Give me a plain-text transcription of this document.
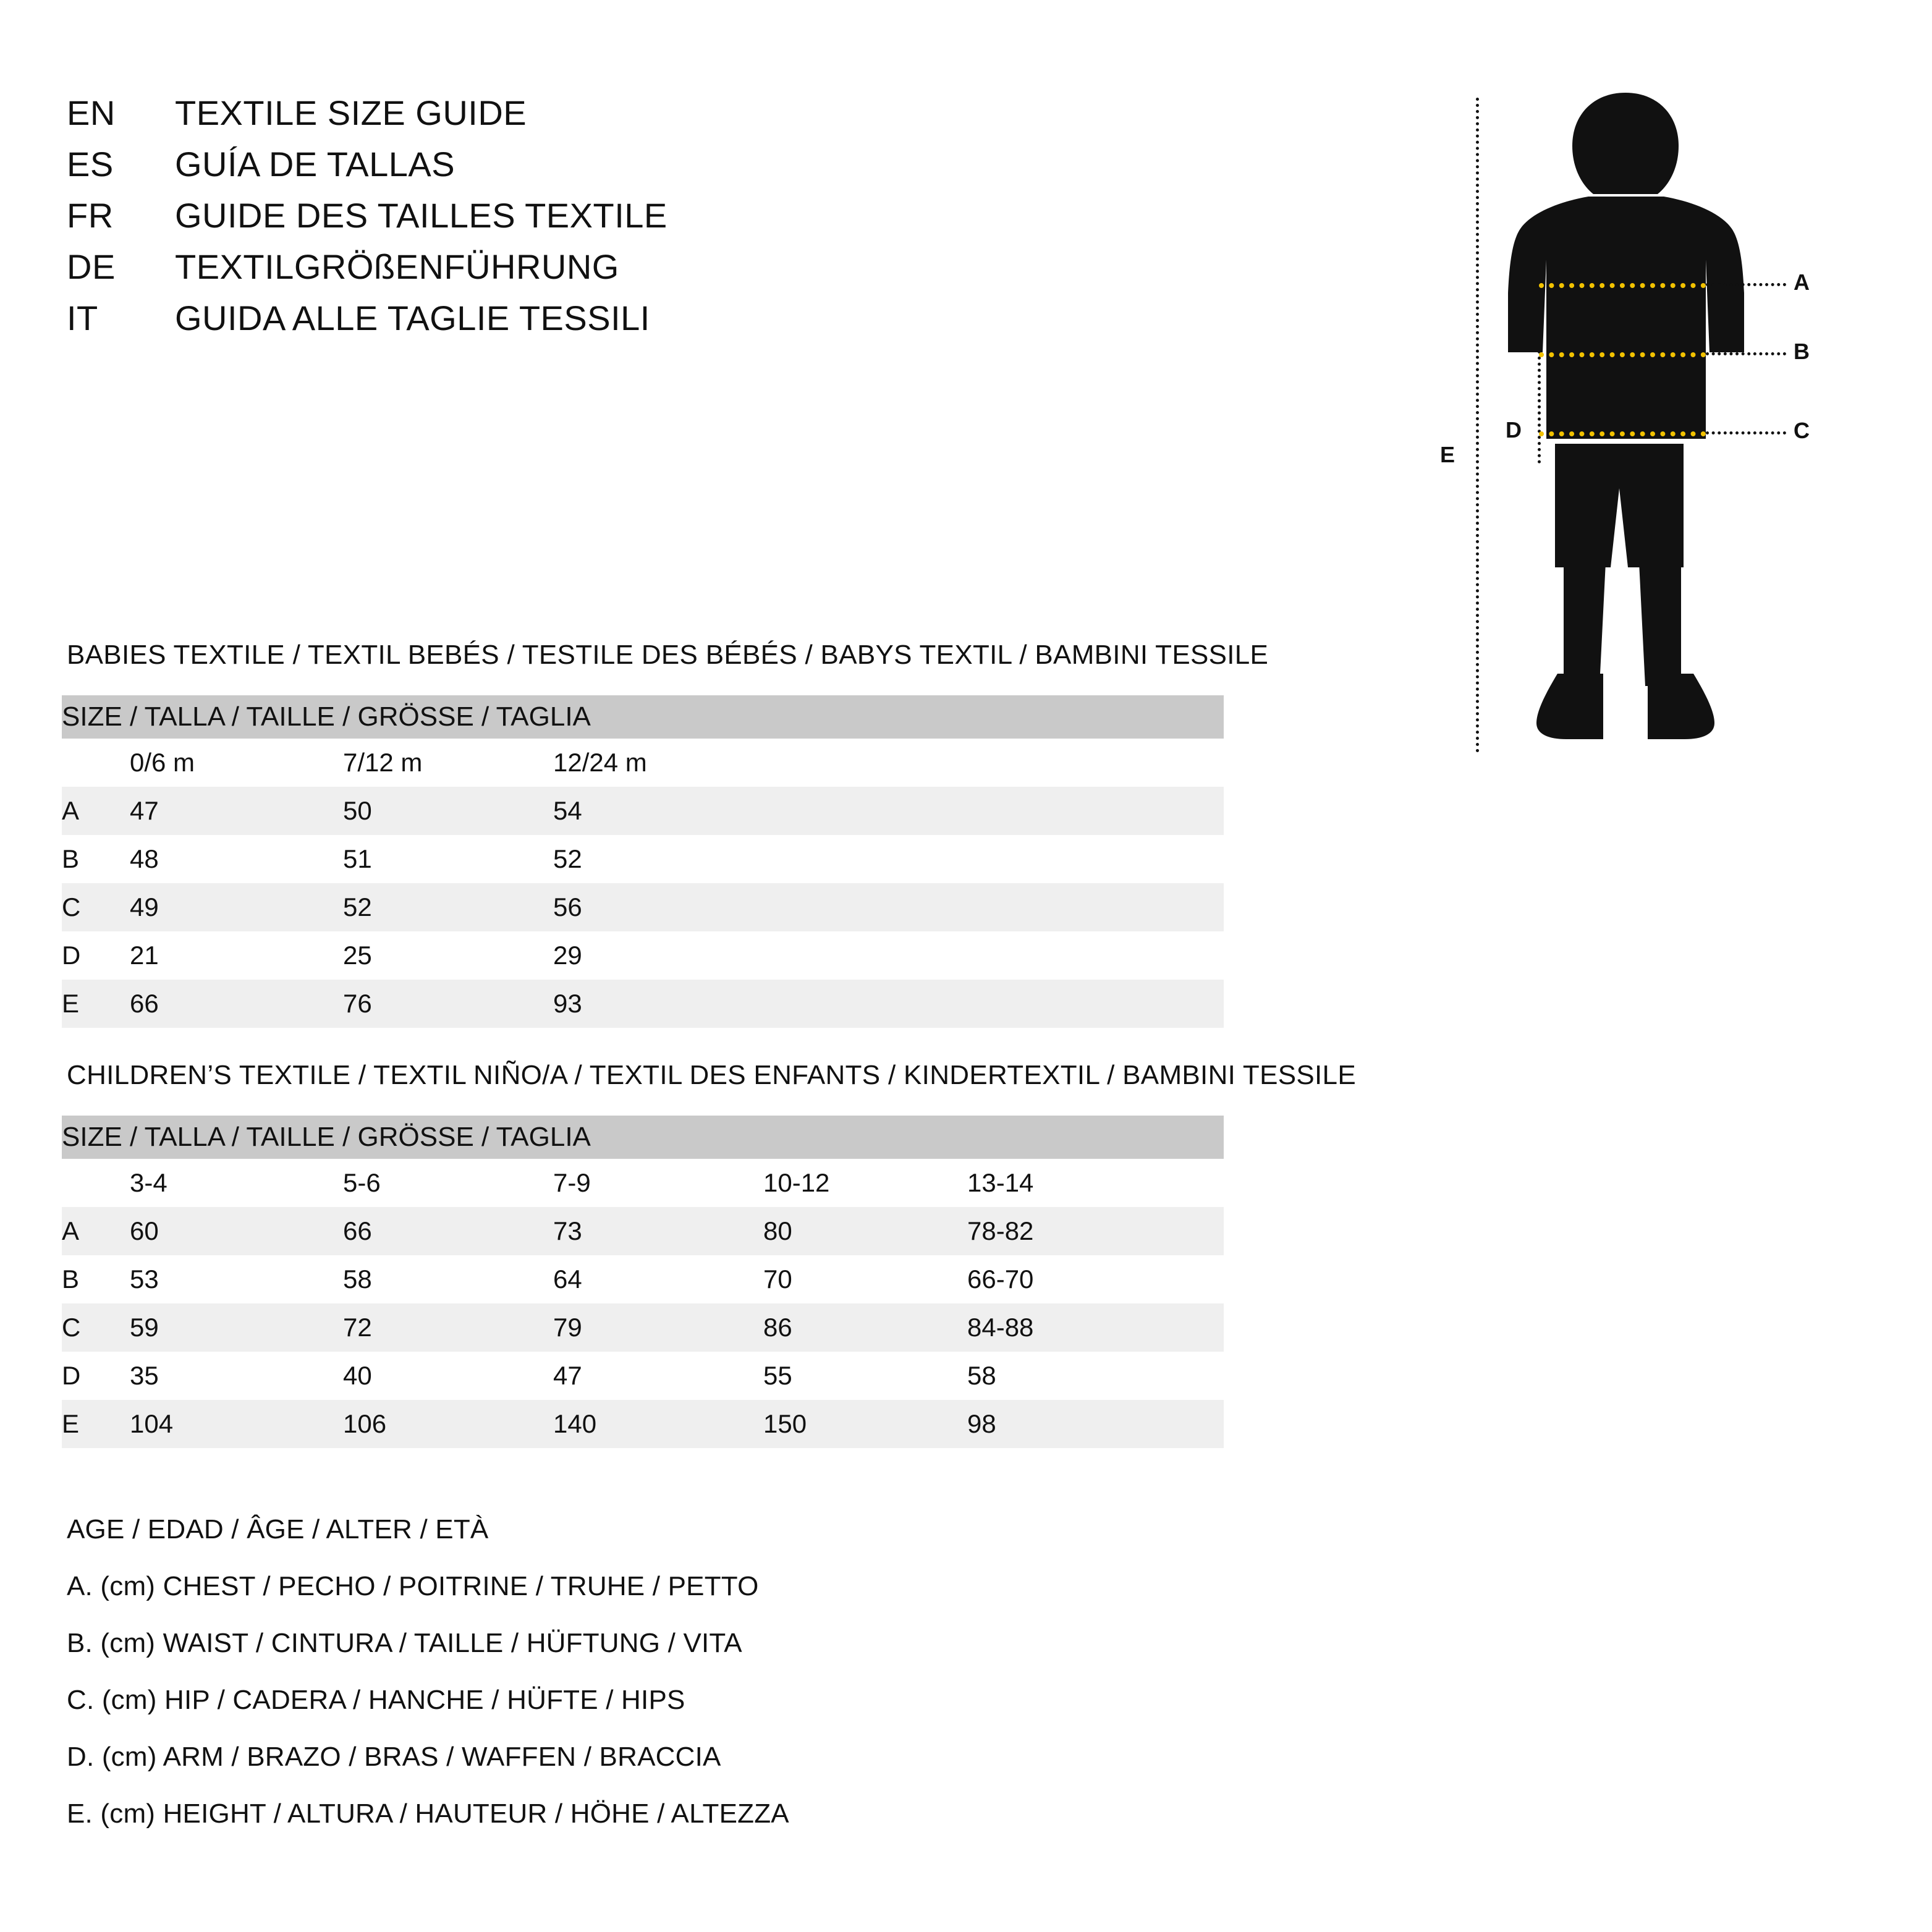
EN	TEXTILE SIZE GUIDE
ES	GUÍA DE TALLAS
FR	GUIDE DES TAILLES TEXTILE
DE	TEXTILGRÖßENFÜHRUNG
IT	GUIDA ALLE TAGLIE TESSILI
E
D
A
B
C
BABIES TEXTILE / TEXTIL BEBÉS / TESTILE DES BÉBÉS / BABYS TEXTIL / BAMBINI TESSILE
SIZE / TALLA / TAILLE / GRÖSSE / TAGLIA					
	0/6 m	7/12 m	12/24 m		
A	47	50	54		
B	48	51	52		
C	49	52	56		
D	21	25	29		
E	66	76	93		
CHILDREN’S TEXTILE / TEXTIL NIÑO/A / TEXTIL DES ENFANTS / KINDERTEXTIL / BAMBINI TESSILE
SIZE / TALLA / TAILLE / GRÖSSE / TAGLIA					
	3-4	5-6	7-9	10-12	13-14
A	60	66	73	80	78-82
B	53	58	64	70	66-70
C	59	72	79	86	84-88
D	35	40	47	55	58
E	104	106	140	150	98
AGE / EDAD / ÂGE / ALTER / ETÀ
A. (cm) CHEST / PECHO / POITRINE / TRUHE / PETTO
B. (cm) WAIST / CINTURA / TAILLE / HÜFTUNG / VITA
C. (cm) HIP / CADERA / HANCHE / HÜFTE / HIPS
D. (cm) ARM / BRAZO / BRAS / WAFFEN / BRACCIA
E. (cm) HEIGHT / ALTURA / HAUTEUR / HÖHE / ALTEZZA
